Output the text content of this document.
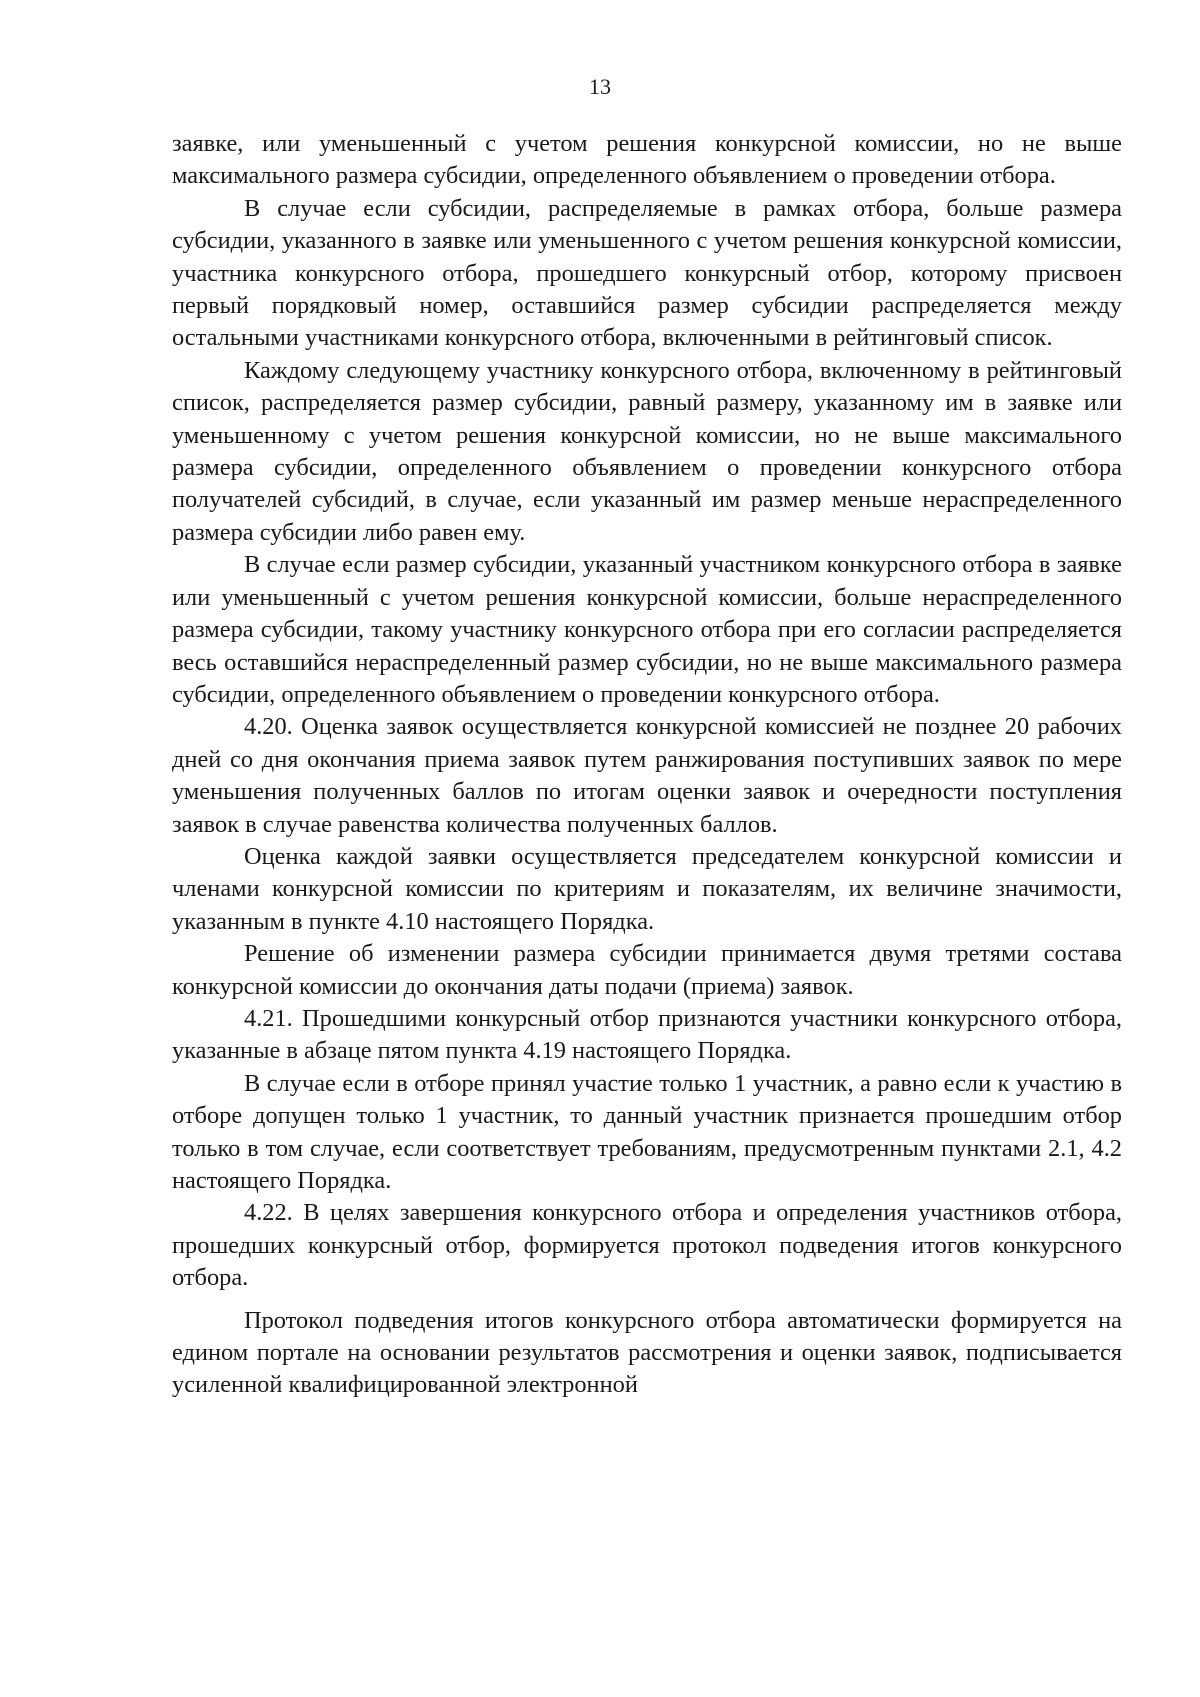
13

заявке, или уменьшенный с учетом решения конкурсной комиссии, но не выше максимального размера субсидии, определенного объявлением о проведении отбора.

В случае если субсидии, распределяемые в рамках отбора, больше размера субсидии, указанного в заявке или уменьшенного с учетом решения конкурсной комиссии, участника конкурсного отбора, прошедшего конкурсный отбор, которому присвоен первый порядковый номер, оставшийся размер субсидии распределяется между остальными участниками конкурсного отбора, включенными в рейтинговый список.

Каждому следующему участнику конкурсного отбора, включенному в рейтинговый список, распределяется размер субсидии, равный размеру, указанному им в заявке или уменьшенному с учетом решения конкурсной комиссии, но не выше максимального размера субсидии, определенного объявлением о проведении конкурсного отбора получателей субсидий, в случае, если указанный им размер меньше нераспределенного размера субсидии либо равен ему.

В случае если размер субсидии, указанный участником конкурсного отбора в заявке или уменьшенный с учетом решения конкурсной комиссии, больше нераспределенного размера субсидии, такому участнику конкурсного отбора при его согласии распределяется весь оставшийся нераспределенный размер субсидии, но не выше максимального размера субсидии, определенного объявлением о проведении конкурсного отбора.

4.20. Оценка заявок осуществляется конкурсной комиссией не позднее 20 рабочих дней со дня окончания приема заявок путем ранжирования поступивших заявок по мере уменьшения полученных баллов по итогам оценки заявок и очередности поступления заявок в случае равенства количества полученных баллов.

Оценка каждой заявки осуществляется председателем конкурсной комиссии и членами конкурсной комиссии по критериям и показателям, их величине значимости, указанным в пункте 4.10 настоящего Порядка.

Решение об изменении размера субсидии принимается двумя третями состава конкурсной комиссии до окончания даты подачи (приема) заявок.

4.21. Прошедшими конкурсный отбор признаются участники конкурсного отбора, указанные в абзаце пятом пункта 4.19 настоящего Порядка.

В случае если в отборе принял участие только 1 участник, а равно если к участию в отборе допущен только 1 участник, то данный участник признается прошедшим отбор только в том случае, если соответствует требованиям, предусмотренным пунктами 2.1, 4.2 настоящего Порядка.

4.22. В целях завершения конкурсного отбора и определения участников отбора, прошедших конкурсный отбор, формируется протокол подведения итогов конкурсного отбора.

Протокол подведения итогов конкурсного отбора автоматически формируется на едином портале на основании результатов рассмотрения и оценки заявок, подписывается усиленной квалифицированной электронной
